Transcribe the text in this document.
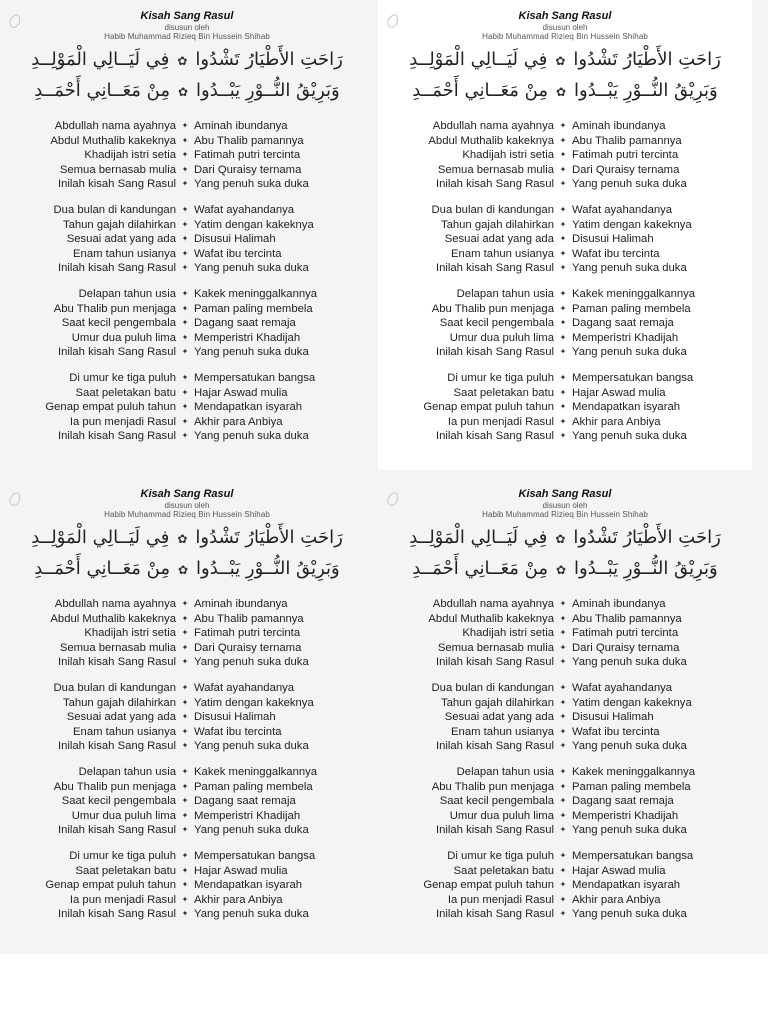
Kisah Sang Rasul
disusun oleh
Habib Muhammad Rizieq Bin Hussein Shihab
رَاحَتِ الأَطْيَارُ تَشْدُوا✿فِي لَيَــالِي الْمَوْلِــدِ
وَبَرِيْقُ النُّــوْرِ يَبْــدُوا✿مِنْ مَعَــانِي أَحْمَــدِ
Abdullah nama ayahnya ✦ Aminah ibundanya
Abdul Muthalib kakeknya ✦ Abu Thalib pamannya
Khadijah istri setia ✦ Fatimah putri tercinta
Semua bernasab mulia ✦ Dari Quraisy ternama
Inilah kisah Sang Rasul ✦ Yang penuh suka duka
Dua bulan di kandungan ✦ Wafat ayahandanya
Tahun gajah dilahirkan ✦ Yatim dengan kakeknya
Sesuai adat yang ada ✦ Disusui Halimah
Enam tahun usianya ✦ Wafat ibu tercinta
Inilah kisah Sang Rasul ✦ Yang penuh suka duka
Delapan tahun usia ✦ Kakek meninggalkannya
Abu Thalib pun menjaga ✦ Paman paling membela
Saat kecil pengembala ✦ Dagang saat remaja
Umur dua puluh lima ✦ Memperistri Khadijah
Inilah kisah Sang Rasul ✦ Yang penuh suka duka
Di umur ke tiga puluh ✦ Mempersatukan bangsa
Saat peletakan batu ✦ Hajar Aswad mulia
Genap empat puluh tahun ✦ Mendapatkan isyarah
Ia pun menjadi Rasul ✦ Akhir para Anbiya
Inilah kisah Sang Rasul ✦ Yang penuh suka duka
Kisah Sang Rasul
disusun oleh
Habib Muhammad Rizieq Bin Hussein Shihab
رَاحَتِ الأَطْيَارُ تَشْدُوا✿فِي لَيَــالِي الْمَوْلِــدِ
وَبَرِيْقُ النُّــوْرِ يَبْــدُوا✿مِنْ مَعَــانِي أَحْمَــدِ
Abdullah nama ayahnya ✦ Aminah ibundanya
Abdul Muthalib kakeknya ✦ Abu Thalib pamannya
Khadijah istri setia ✦ Fatimah putri tercinta
Semua bernasab mulia ✦ Dari Quraisy ternama
Inilah kisah Sang Rasul ✦ Yang penuh suka duka
Dua bulan di kandungan ✦ Wafat ayahandanya
Tahun gajah dilahirkan ✦ Yatim dengan kakeknya
Sesuai adat yang ada ✦ Disusui Halimah
Enam tahun usianya ✦ Wafat ibu tercinta
Inilah kisah Sang Rasul ✦ Yang penuh suka duka
Delapan tahun usia ✦ Kakek meninggalkannya
Abu Thalib pun menjaga ✦ Paman paling membela
Saat kecil pengembala ✦ Dagang saat remaja
Umur dua puluh lima ✦ Memperistri Khadijah
Inilah kisah Sang Rasul ✦ Yang penuh suka duka
Di umur ke tiga puluh ✦ Mempersatukan bangsa
Saat peletakan batu ✦ Hajar Aswad mulia
Genap empat puluh tahun ✦ Mendapatkan isyarah
Ia pun menjadi Rasul ✦ Akhir para Anbiya
Inilah kisah Sang Rasul ✦ Yang penuh suka duka
Kisah Sang Rasul
disusun oleh
Habib Muhammad Rizieq Bin Hussein Shihab
رَاحَتِ الأَطْيَارُ تَشْدُوا✿فِي لَيَــالِي الْمَوْلِــدِ
وَبَرِيْقُ النُّــوْرِ يَبْــدُوا✿مِنْ مَعَــانِي أَحْمَــدِ
Abdullah nama ayahnya ✦ Aminah ibundanya
Abdul Muthalib kakeknya ✦ Abu Thalib pamannya
Khadijah istri setia ✦ Fatimah putri tercinta
Semua bernasab mulia ✦ Dari Quraisy ternama
Inilah kisah Sang Rasul ✦ Yang penuh suka duka
Dua bulan di kandungan ✦ Wafat ayahandanya
Tahun gajah dilahirkan ✦ Yatim dengan kakeknya
Sesuai adat yang ada ✦ Disusui Halimah
Enam tahun usianya ✦ Wafat ibu tercinta
Inilah kisah Sang Rasul ✦ Yang penuh suka duka
Delapan tahun usia ✦ Kakek meninggalkannya
Abu Thalib pun menjaga ✦ Paman paling membela
Saat kecil pengembala ✦ Dagang saat remaja
Umur dua puluh lima ✦ Memperistri Khadijah
Inilah kisah Sang Rasul ✦ Yang penuh suka duka
Di umur ke tiga puluh ✦ Mempersatukan bangsa
Saat peletakan batu ✦ Hajar Aswad mulia
Genap empat puluh tahun ✦ Mendapatkan isyarah
Ia pun menjadi Rasul ✦ Akhir para Anbiya
Inilah kisah Sang Rasul ✦ Yang penuh suka duka
Kisah Sang Rasul
disusun oleh
Habib Muhammad Rizieq Bin Hussein Shihab
رَاحَتِ الأَطْيَارُ تَشْدُوا✿فِي لَيَــالِي الْمَوْلِــدِ
وَبَرِيْقُ النُّــوْرِ يَبْــدُوا✿مِنْ مَعَــانِي أَحْمَــدِ
Abdullah nama ayahnya ✦ Aminah ibundanya
Abdul Muthalib kakeknya ✦ Abu Thalib pamannya
Khadijah istri setia ✦ Fatimah putri tercinta
Semua bernasab mulia ✦ Dari Quraisy ternama
Inilah kisah Sang Rasul ✦ Yang penuh suka duka
Dua bulan di kandungan ✦ Wafat ayahandanya
Tahun gajah dilahirkan ✦ Yatim dengan kakeknya
Sesuai adat yang ada ✦ Disusui Halimah
Enam tahun usianya ✦ Wafat ibu tercinta
Inilah kisah Sang Rasul ✦ Yang penuh suka duka
Delapan tahun usia ✦ Kakek meninggalkannya
Abu Thalib pun menjaga ✦ Paman paling membela
Saat kecil pengembala ✦ Dagang saat remaja
Umur dua puluh lima ✦ Memperistri Khadijah
Inilah kisah Sang Rasul ✦ Yang penuh suka duka
Di umur ke tiga puluh ✦ Mempersatukan bangsa
Saat peletakan batu ✦ Hajar Aswad mulia
Genap empat puluh tahun ✦ Mendapatkan isyarah
Ia pun menjadi Rasul ✦ Akhir para Anbiya
Inilah kisah Sang Rasul ✦ Yang penuh suka duka
